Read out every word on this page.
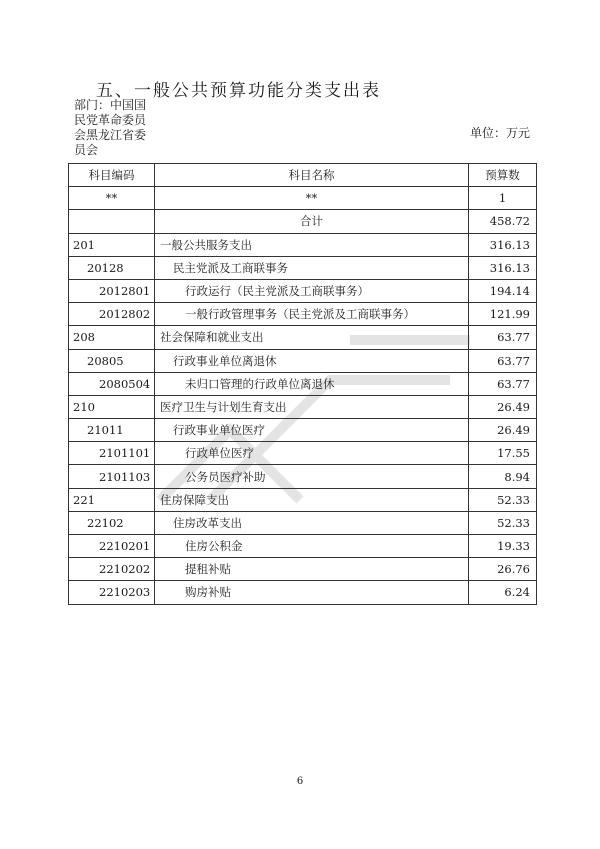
五、一般公共预算功能分类支出表
部门：中国国
民党革命委员
会黑龙江省委
员会
单位：万元
科目编码	科目名称	预算数
**	**	1
	合计	458.72
201	一般公共服务支出	316.13
20128	民主党派及工商联事务	316.13
2012801	行政运行（民主党派及工商联事务）	194.14
2012802	一般行政管理事务（民主党派及工商联事务）	121.99
208	社会保障和就业支出	63.77
20805	行政事业单位离退休	63.77
2080504	未归口管理的行政单位离退休	63.77
210	医疗卫生与计划生育支出	26.49
21011	行政事业单位医疗	26.49
2101101	行政单位医疗	17.55
2101103	公务员医疗补助	8.94
221	住房保障支出	52.33
22102	住房改革支出	52.33
2210201	住房公积金	19.33
2210202	提租补贴	26.76
2210203	购房补贴	6.24
6
